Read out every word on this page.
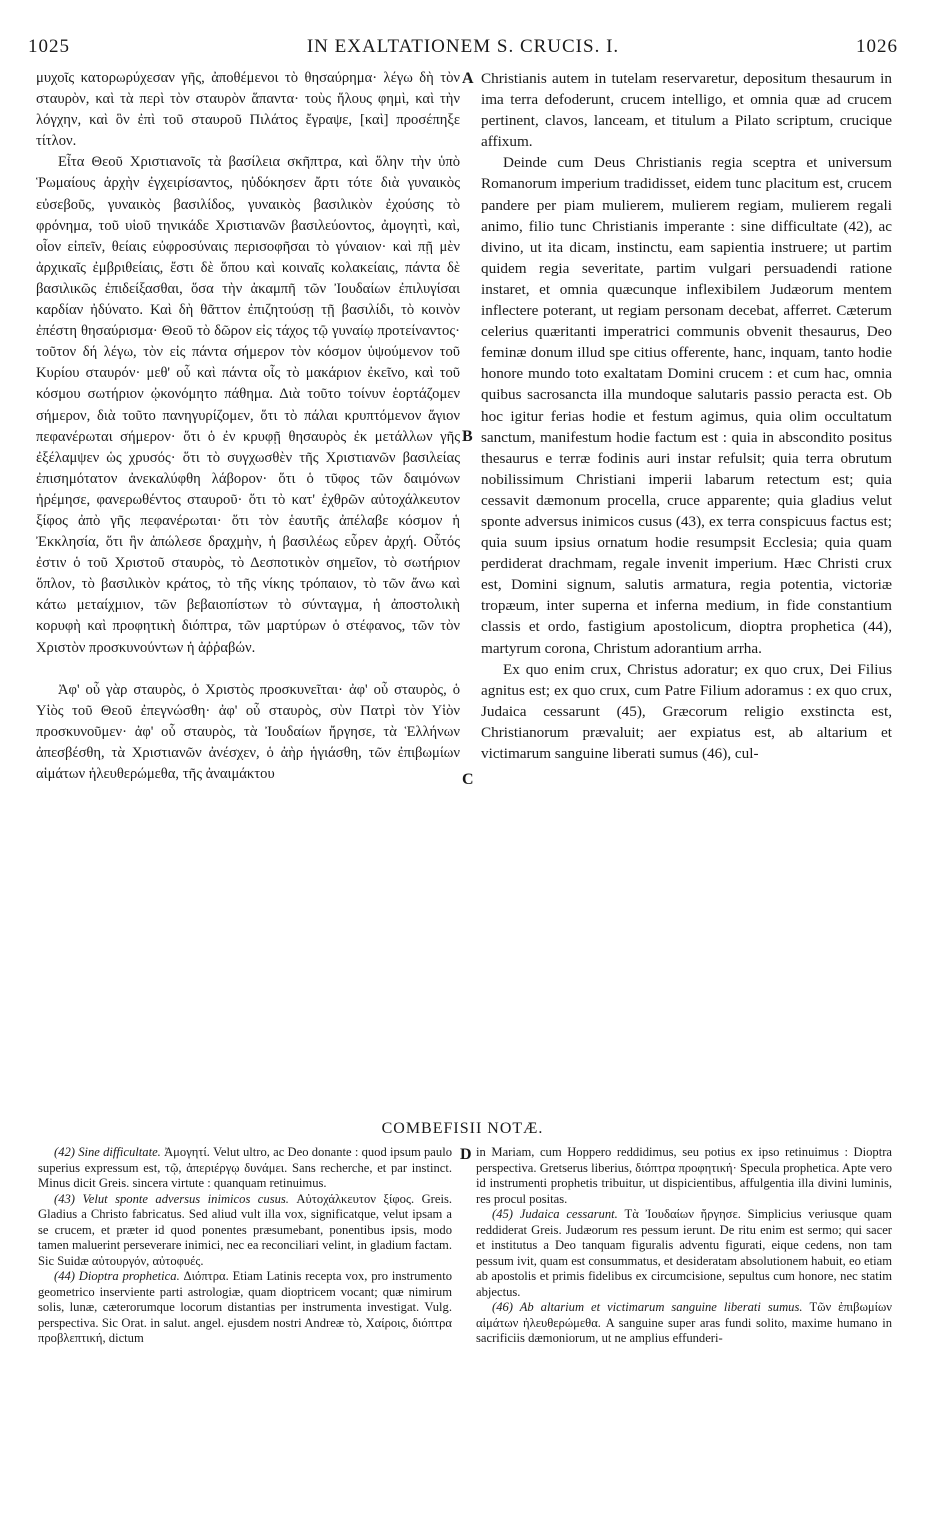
1025	IN EXALTATIONEM S. CRUCIS. I.	1026

μυχοῖς κατορωρύχεσαν γῆς, ἀποθέμενοι τὸ θησαύρημα· λέγω δὴ τὸν σταυρὸν, καὶ τὰ περὶ τὸν σταυρὸν ἅπαντα· τοὺς ἥλους φημὶ, καὶ τὴν λόγχην, καὶ ὃν ἐπὶ τοῦ σταυροῦ Πιλάτος ἔγραψε, [καὶ] προσέπηξε τίτλον.

Εἶτα Θεοῦ Χριστιανοῖς τὰ βασίλεια σκῆπτρα, καὶ ὅλην τὴν ὑπὸ Ῥωμαίους ἀρχὴν ἐγχειρίσαντος, ηὐδόκησεν ἄρτι τότε διὰ γυναικὸς εὐσεβοῦς, γυναικὸς βασιλίδος, γυναικὸς βασιλικὸν ἐχούσης τὸ φρόνημα, τοῦ υἱοῦ τηνικάδε Χριστιανῶν βασιλεύοντος, ἀμογητὶ, καὶ, οἷον εἰπεῖν, θείαις εὐφροσύναις περισοφῆσαι τὸ γύναιον· καὶ πῇ μὲν ἀρχικαῖς ἐμβριθείαις, ἔστι δὲ ὅπου καὶ κοιναῖς κολακείαις, πάντα δὲ βασιλικῶς ἐπιδείξασθαι, ὅσα τὴν ἀκαμπῆ τῶν Ἰουδαίων ἐπιλυγίσαι καρδίαν ἠδύνατο. Καὶ δὴ θᾶττον ἐπιζητούσῃ τῇ βασιλίδι, τὸ κοινὸν ἐπέστη θησαύρισμα· Θεοῦ τὸ δῶρον εἰς τάχος τῷ γυναίῳ προτείναντος· τοῦτον δή λέγω, τὸν εἰς πάντα σήμερον τὸν κόσμον ὑψούμενον τοῦ Κυρίου σταυρόν· μεθ' οὗ καὶ πάντα οἷς τὸ μακάριον ἐκεῖνο, καὶ τοῦ κόσμου σωτήριον ᾠκονόμητο πάθημα. Διὰ τοῦτο τοίνυν ἑορτάζομεν σήμερον, διὰ τοῦτο πανηγυρίζομεν, ὅτι τὸ πάλαι κρυπτόμενον ἅγιον πεφανέρωται σήμερον· ὅτι ὁ ἐν κρυφῇ θησαυρὸς ἐκ μετάλλων γῆς ἐξέλαμψεν ὡς χρυσός· ὅτι τὸ συγχωσθὲν τῆς Χριστιανῶν βασιλείας ἐπισημότατον ἀνεκαλύφθη λάβορον· ὅτι ὁ τῦφος τῶν δαιμόνων ἠρέμησε, φανερωθέντος σταυροῦ· ὅτι τὸ κατ' ἐχθρῶν αὐτοχάλκευτον ξίφος ἀπὸ γῆς πεφανέρωται· ὅτι τὸν ἑαυτῆς ἀπέλαβε κόσμον ἡ Ἐκκλησία, ὅτι ἣν ἀπώλεσε δραχμὴν, ἡ βασιλέως εὗρεν ἀρχή. Οὗτός ἐστιν ὁ τοῦ Χριστοῦ σταυρὸς, τὸ Δεσποτικὸν σημεῖον, τὸ σωτήριον ὅπλον, τὸ βασιλικὸν κράτος, τὸ τῆς νίκης τρόπαιον, τὸ τῶν ἄνω καὶ κάτω μεταίχμιον, τῶν βεβαιοπίστων τὸ σύνταγμα, ἡ ἀποστολικὴ κορυφὴ καὶ προφητικὴ διόπτρα, τῶν μαρτύρων ὁ στέφανος, τῶν τὸν Χριστὸν προσκυνούντων ἡ ἀῤῥαβών.

Ἀφ' οὗ γὰρ σταυρὸς, ὁ Χριστὸς προσκυνεῖται· ἀφ' οὗ σταυρὸς, ὁ Υἱὸς τοῦ Θεοῦ ἐπεγνώσθη· ἀφ' οὗ σταυρὸς, σὺν Πατρὶ τὸν Υἱὸν προσκυνοῦμεν· ἀφ' οὗ σταυρὸς, τὰ Ἰουδαίων ἤργησε, τὰ Ἑλλήνων ἀπεσβέσθη, τὰ Χριστιανῶν ἀνέσχεν, ὁ ἀὴρ ἡγιάσθη, τῶν ἐπιβωμίων αἱμάτων ἠλευθερώμεθα, τῆς ἀναιμάκτου

Christianis autem in tutelam reservaretur, depositum thesaurum in ima terra defoderunt, crucem intelligo, et omnia quæ ad crucem pertinent, clavos, lanceam, et titulum a Pilato scriptum, crucique affixum.

Deinde cum Deus Christianis regia sceptra et universum Romanorum imperium tradidisset, eidem tunc placitum est, crucem pandere per piam mulierem, mulierem regiam, mulierem regali animo, filio tunc Christianis imperante : sine difficultate (42), ac divino, ut ita dicam, instinctu, eam sapientia instruere; ut partim quidem regia severitate, partim vulgari persuadendi ratione instaret, et omnia quæcunque inflexibilem Judæorum mentem inflectere poterant, ut regiam personam decebat, afferret. Cæterum celerius quæritanti imperatrici communis obvenit thesaurus, Deo feminæ donum illud spe citius offerente, hanc, inquam, tanto hodie honore mundo toto exaltatam Domini crucem : et cum hac, omnia quibus sacrosancta illa mundoque salutaris passio peracta est. Ob hoc igitur ferias hodie et festum agimus, quia olim occultatum sanctum, manifestum hodie factum est : quia in abscondito positus thesaurus e terræ fodinis auri instar refulsit; quia terra obrutum nobilissimum Christiani imperii labarum retectum est; quia cessavit dæmonum procella, cruce apparente; quia gladius velut sponte adversus inimicos cusus (43), ex terra conspicuus factus est; quia suum ipsius ornatum hodie resumpsit Ecclesia; quia quam perdiderat drachmam, regale invenit imperium. Hæc Christi crux est, Domini signum, salutis armatura, regia potentia, victoriæ tropæum, inter superna et inferna medium, in fide constantium classis et ordo, fastigium apostolicum, dioptra prophetica (44), martyrum corona, Christum adorantium arrha.

Ex quo enim crux, Christus adoratur; ex quo crux, Dei Filius agnitus est; ex quo crux, cum Patre Filium adoramus : ex quo crux, Judaica cessarunt (45), Græcorum religio exstincta est, Christianorum prævaluit; aer expiatus est, ab altarium et victimarum sanguine liberati sumus (46), cul-

A
B
C
D
COMBEFISII NOTÆ.

(42) Sine difficultate. Ἀμογητί. Velut ultro, ac Deo donante : quod ipsum paulo superius expressum est, τῷ, ἀπεριέργῳ δυνάμει. Sans recherche, et par instinct. Minus dicit Greis. sincera virtute : quanquam retinuimus.

(43) Velut sponte adversus inimicos cusus. Αὐτοχάλκευτον ξίφος. Greis. Gladius a Christo fabricatus. Sed aliud vult illa vox, significatque, velut ipsam a se crucem, et præter id quod ponentes præsumebant, ponentibus ipsis, modo tamen maluerint perseverare inimici, nec ea reconciliari velint, in gladium factam. Sic Suidæ αὐτουργόν, αὐτοφυές.

(44) Dioptra prophetica. Διόπτρα. Etiam Latinis recepta vox, pro instrumento geometrico inserviente parti astrologiæ, quam dioptricem vocant; quæ nimirum solis, lunæ, cæterorumque locorum distantias per instrumenta investigat. Vulg. perspectiva. Sic Orat. in salut. angel. ejusdem nostri Andreæ τὸ, Χαίροις, διόπτρα προβλεπτική, dictum

in Mariam, cum Hoppero reddidimus, seu potius ex ipso retinuimus : Dioptra perspectiva. Gretserus liberius, διόπτρα προφητική· Specula prophetica. Apte vero id instrumenti prophetis tribuitur, ut dispicientibus, affulgentia illa divini luminis, res procul positas.

(45) Judaica cessarunt. Τὰ Ἰουδαίων ἤργησε. Simplicius veriusque quam reddiderat Greis. Judæorum res pessum ierunt. De ritu enim est sermo; qui sacer et institutus a Deo tanquam figuralis adventu figurati, eique cedens, non tam pessum ivit, quam est consummatus, et desideratam absolutionem habuit, eo etiam ab apostolis et primis fidelibus ex circumcisione, sepultus cum honore, nec statim abjectus.

(46) Ab altarium et victimarum sanguine liberati sumus. Τῶν ἐπιβωμίων αἱμάτων ἠλευθερώμεθα. A sanguine super aras fundi solito, maxime humano in sacrificiis dæmoniorum, ut ne amplius effunderi-
